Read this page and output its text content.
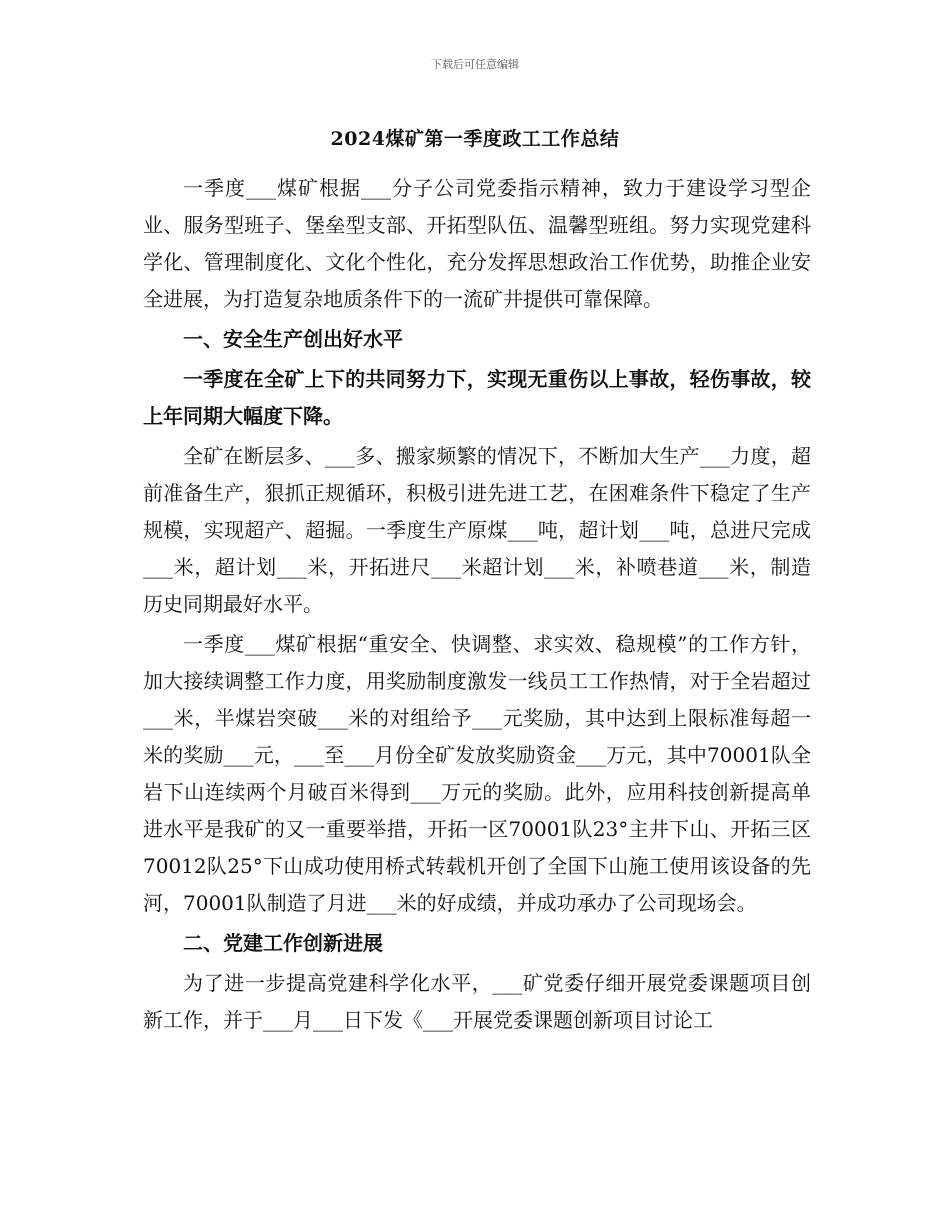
下载后可任意编辑
2024煤矿第一季度政工工作总结

一季度___煤矿根据___分子公司党委指示精神，致力于建设学习型企业、服务型班子、堡垒型支部、开拓型队伍、温馨型班组。努力实现党建科学化、管理制度化、文化个性化，充分发挥思想政治工作优势，助推企业安全进展，为打造复杂地质条件下的一流矿井提供可靠保障。

一、安全生产创出好水平

一季度在全矿上下的共同努力下，实现无重伤以上事故，轻伤事故，较上年同期大幅度下降。

全矿在断层多、___多、搬家频繁的情况下，不断加大生产___力度，超前准备生产，狠抓正规循环，积极引进先进工艺，在困难条件下稳定了生产规模，实现超产、超掘。一季度生产原煤___吨，超计划___吨，总进尺完成___米，超计划___米，开拓进尺___米超计划___米，补喷巷道___米，制造历史同期最好水平。

一季度___煤矿根据“重安全、快调整、求实效、稳规模”的工作方针，加大接续调整工作力度，用奖励制度激发一线员工工作热情，对于全岩超过___米，半煤岩突破___米的对组给予___元奖励，其中达到上限标准每超一米的奖励___元，___至___月份全矿发放奖励资金___万元，其中70001队全岩下山连续两个月破百米得到___万元的奖励。此外，应用科技创新提高单进水平是我矿的又一重要举措，开拓一区70001队23°主井下山、开拓三区70012队25°下山成功使用桥式转载机开创了全国下山施工使用该设备的先河，70001队制造了月进___米的好成绩，并成功承办了公司现场会。

二、党建工作创新进展

为了进一步提高党建科学化水平，___矿党委仔细开展党委课题项目创新工作，并于___月___日下发《___开展党委课题创新项目讨论工
